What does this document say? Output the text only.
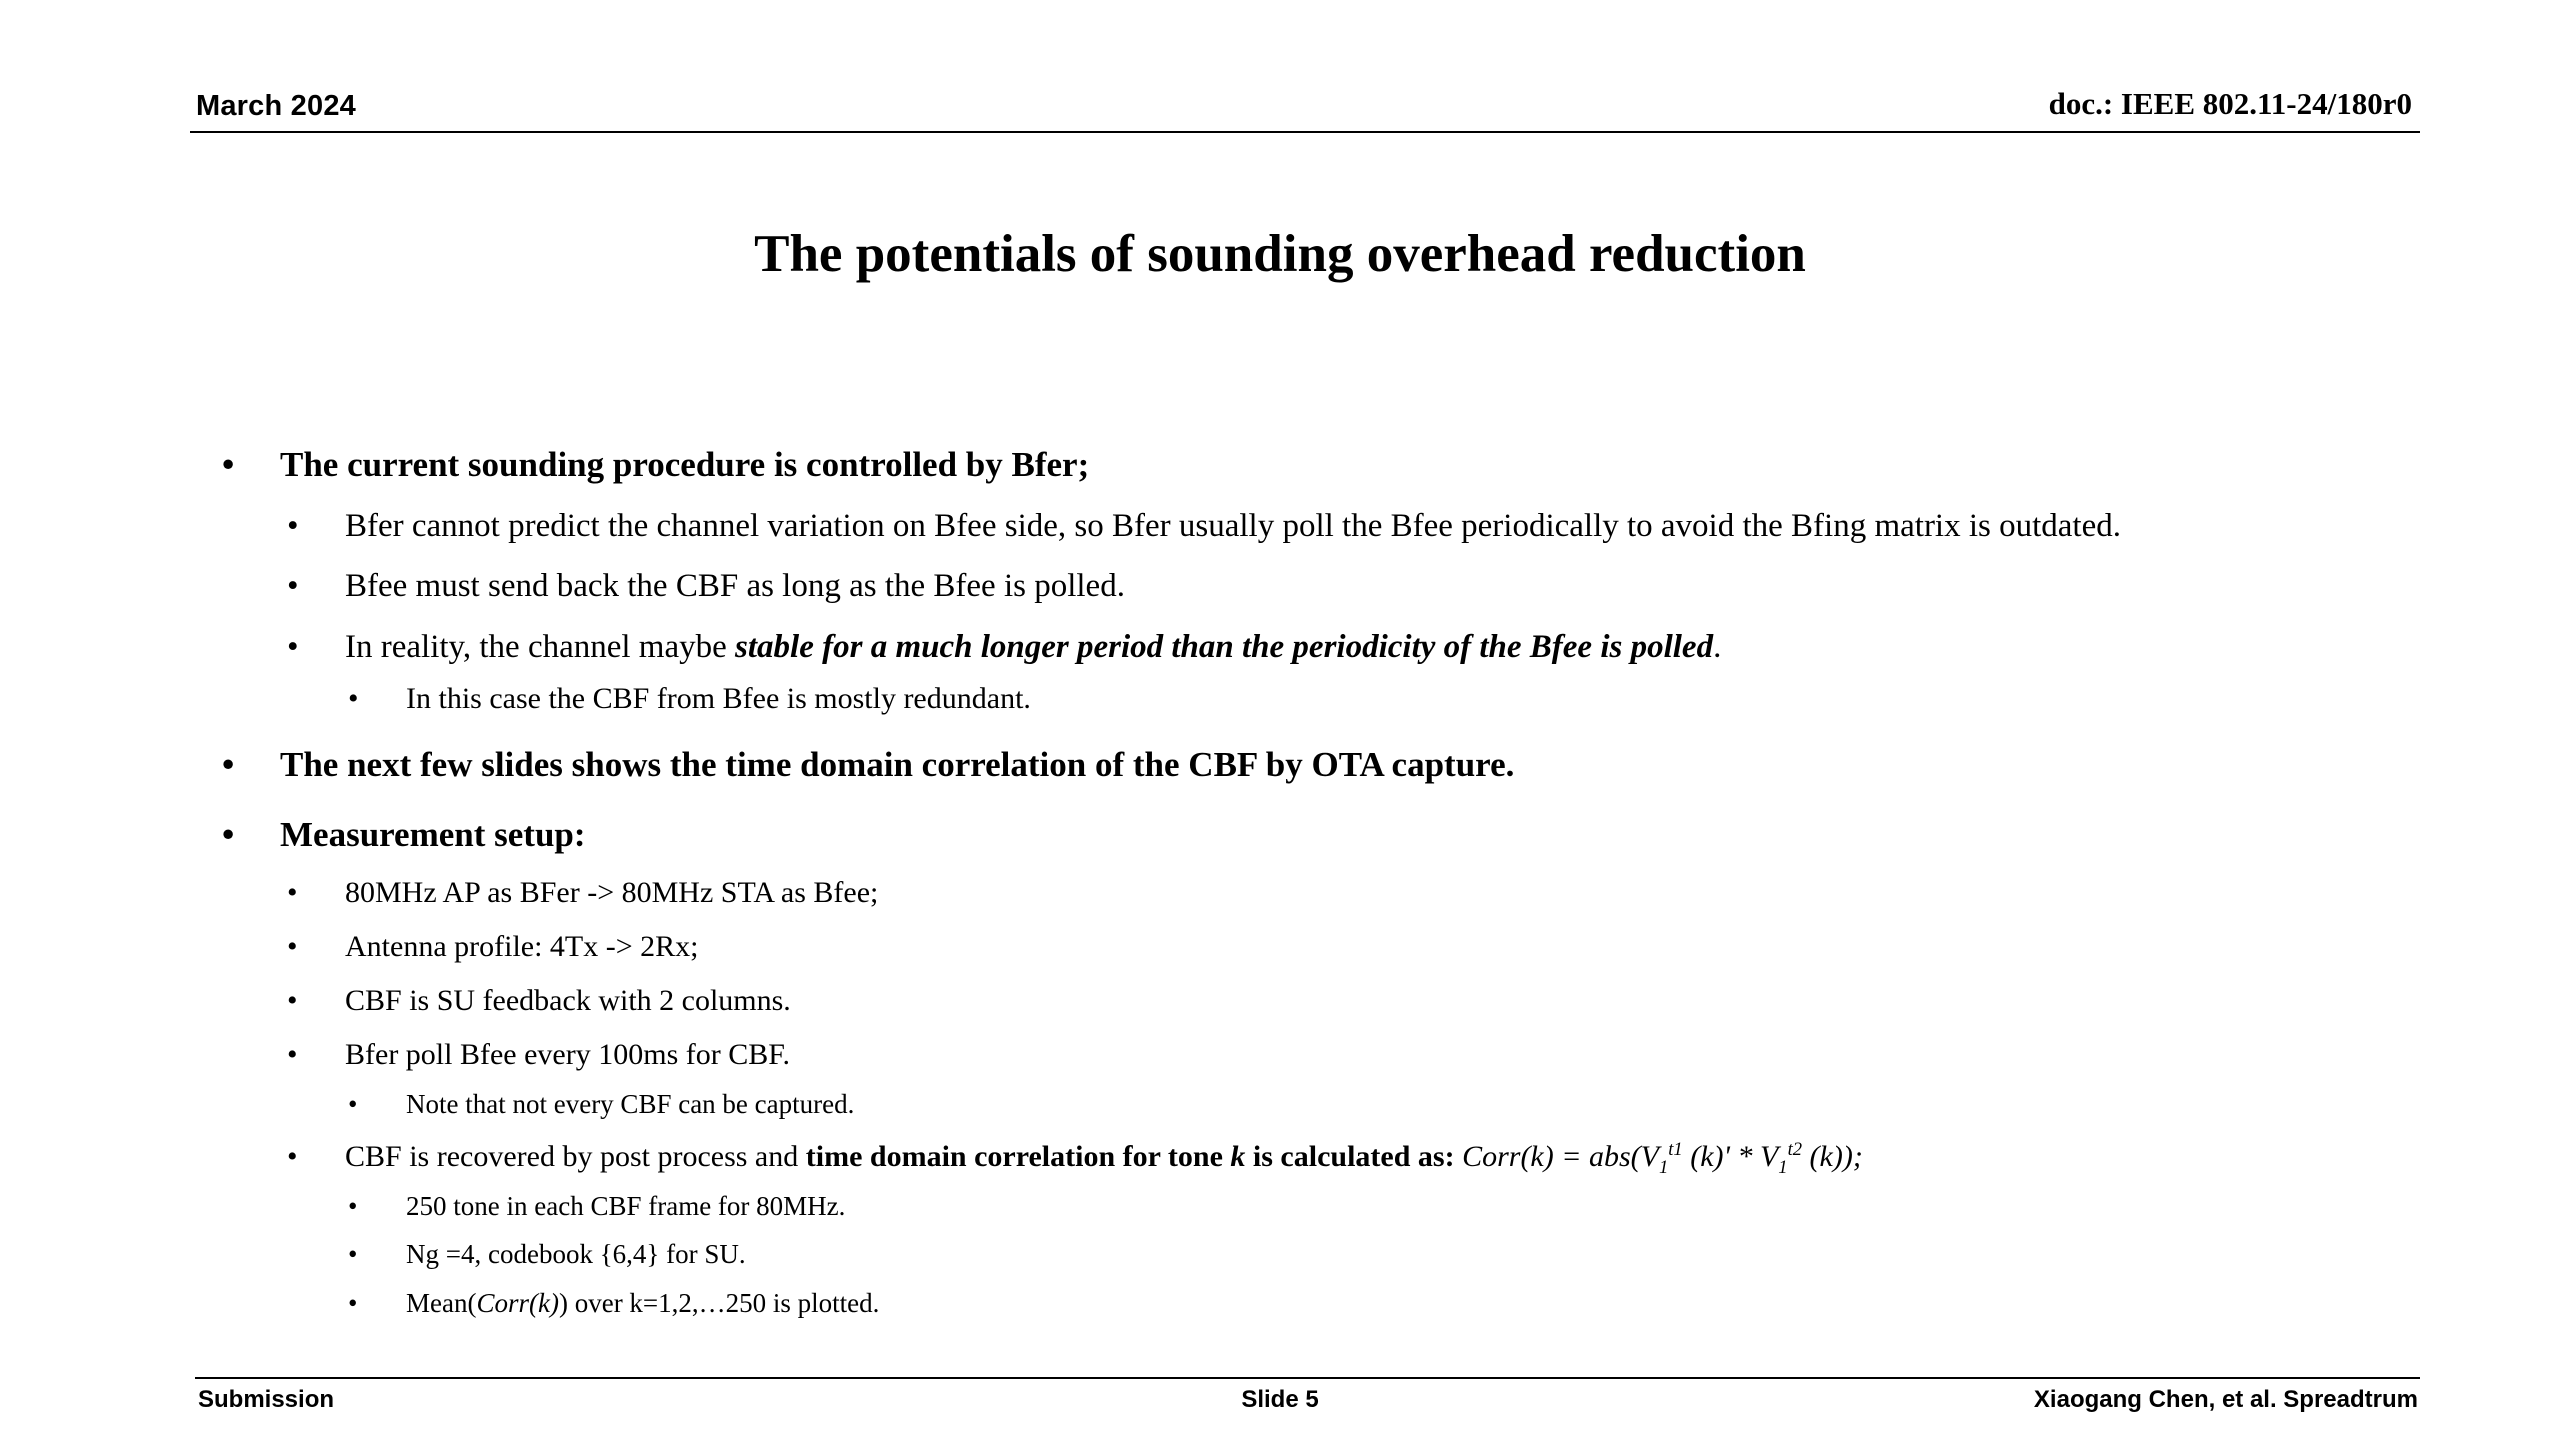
March 2024	doc.: IEEE 802.11-24/180r0
The potentials of sounding overhead reduction
•	The current sounding procedure is controlled by Bfer;
•	Bfer cannot predict the channel variation on Bfee side, so Bfer usually poll the Bfee periodically to avoid the Bfing matrix is outdated.
•	Bfee must send back the CBF as long as the Bfee is polled.
•	In reality, the channel maybe stable for a much longer period than the periodicity of the Bfee is polled.
•	In this case the CBF from Bfee is mostly redundant.
•	The next few slides shows the time domain correlation of the CBF by OTA capture.
•	Measurement setup:
•	80MHz AP as BFer -> 80MHz STA as Bfee;
•	Antenna profile: 4Tx -> 2Rx;
•	CBF is SU feedback with 2 columns.
•	Bfer poll Bfee every 100ms for CBF.
•	Note that not every CBF can be captured.
•	CBF is recovered by post process and time domain correlation for tone k is calculated as: Corr(k) = $abs(V_1^{t1}$ $(k)' * V_1^{t2}$ (k));
•	250 tone in each CBF frame for 80MHz.
•	Ng =4, codebook {6,4} for SU.
•	Mean(Corr(k)) over k=1,2,…250 is plotted.
Submission	Slide 5	Xiaogang Chen, et al. Spreadtrum
